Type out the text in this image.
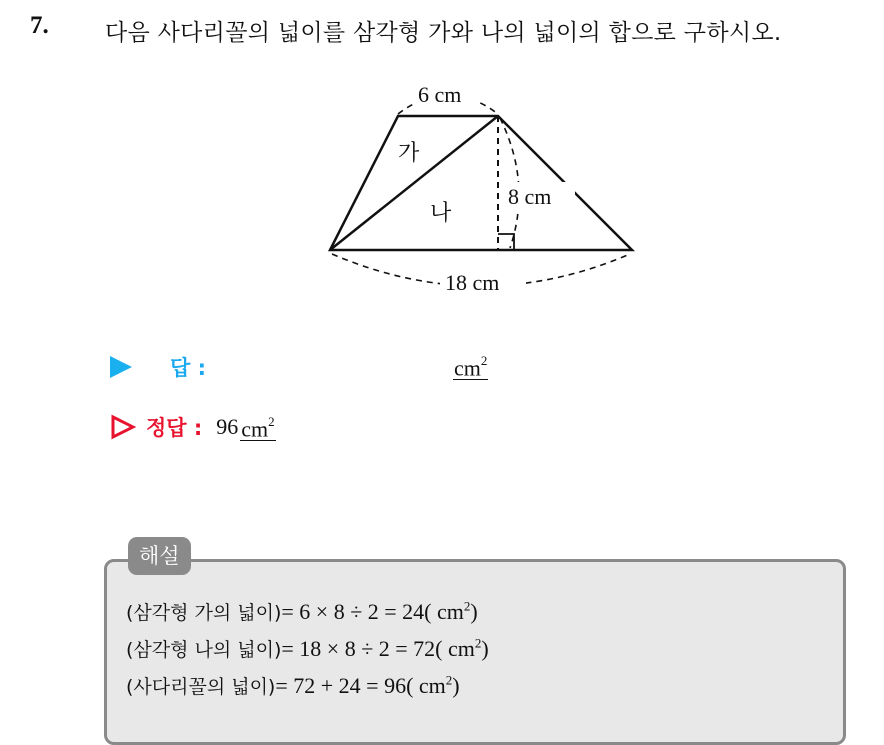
7. 다음 사다리꼴의 넓이를 삼각형 가와 나의 넓이의 합으로 구하시오.
6 cm
8 cm
18 cm
가
나
답 :	$cm^2$
정답 : 96 $cm^2$
해설
(삼각형 가의 넓이)= 6 × 8 ÷ 2 = 24( $cm^2$)
(삼각형 나의 넓이)= 18 × 8 ÷ 2 = 72( $cm^2$)
(사다리꼴의 넓이)= 72 + 24 = 96( $cm^2$)
